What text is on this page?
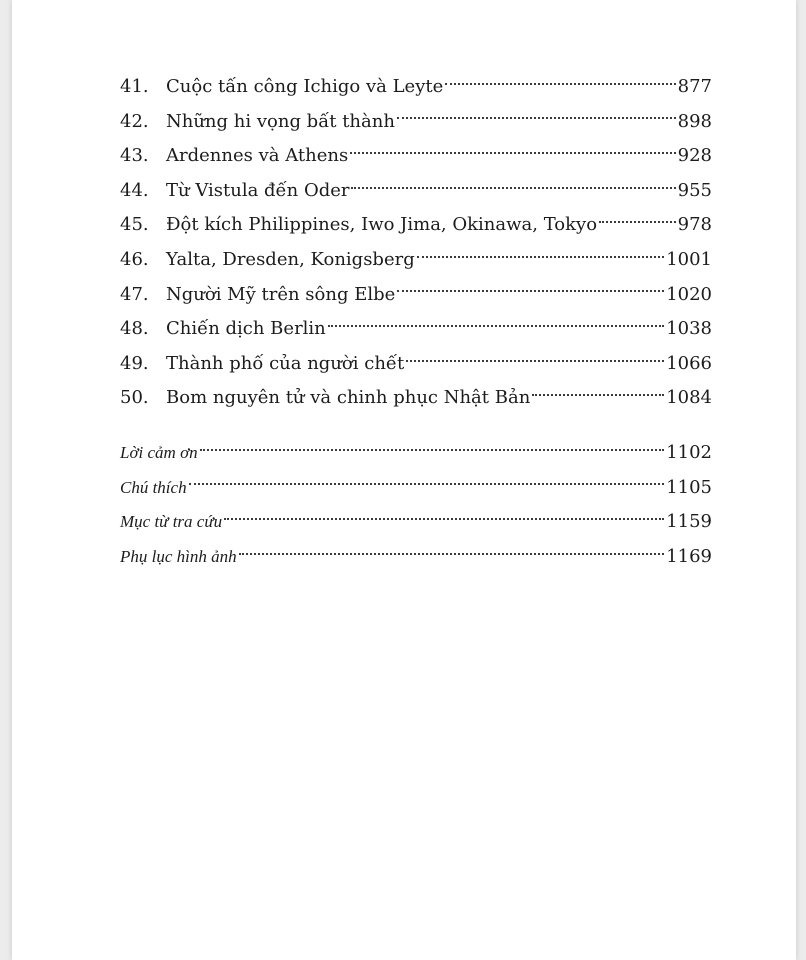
41. Cuộc tấn công Ichigo và Leyte	877
42. Những hi vọng bất thành	898
43. Ardennes và Athens	928
44. Từ Vistula đến Oder	955
45. Đột kích Philippines, Iwo Jima, Okinawa, Tokyo	978
46. Yalta, Dresden, Konigsberg	1001
47. Người Mỹ trên sông Elbe	1020
48. Chiến dịch Berlin	1038
49. Thành phố của người chết	1066
50. Bom nguyên tử và chinh phục Nhật Bản	1084
Lời cảm ơn	1102
Chú thích	1105
Mục từ tra cứu	1159
Phụ lục hình ảnh	1169
